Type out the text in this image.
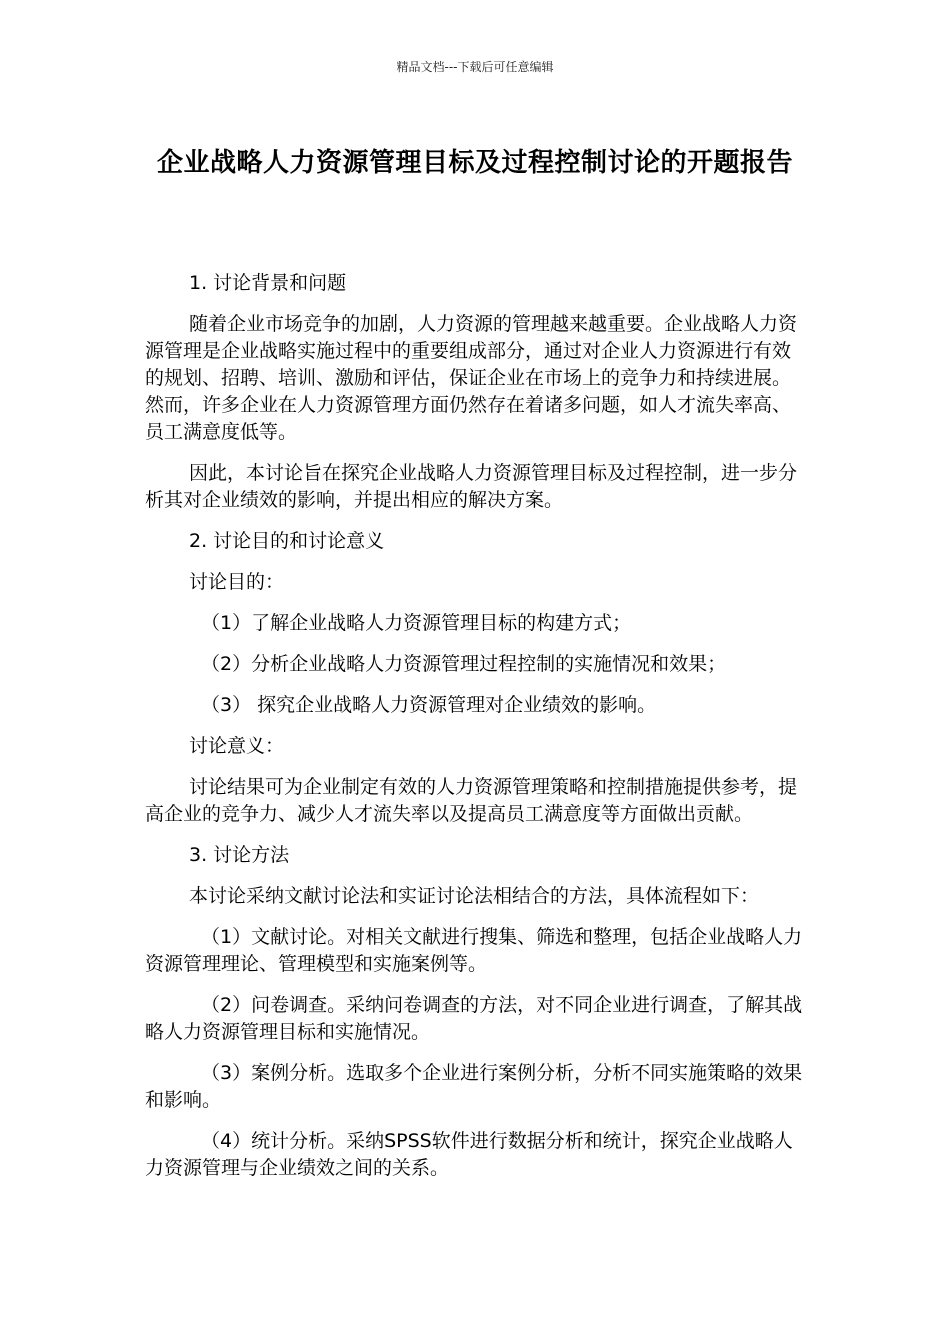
精品文档---下载后可任意编辑
企业战略人力资源管理目标及过程控制讨论的开题报告

1. 讨论背景和问题

随着企业市场竞争的加剧，人力资源的管理越来越重要。企业战略人力资源管理是企业战略实施过程中的重要组成部分，通过对企业人力资源进行有效的规划、招聘、培训、激励和评估，保证企业在市场上的竞争力和持续进展。然而，许多企业在人力资源管理方面仍然存在着诸多问题，如人才流失率高、员工满意度低等。

因此，本讨论旨在探究企业战略人力资源管理目标及过程控制，进一步分析其对企业绩效的影响，并提出相应的解决方案。

2. 讨论目的和讨论意义

讨论目的：

（1）了解企业战略人力资源管理目标的构建方式；

（2）分析企业战略人力资源管理过程控制的实施情况和效果；

（3） 探究企业战略人力资源管理对企业绩效的影响。

讨论意义：

讨论结果可为企业制定有效的人力资源管理策略和控制措施提供参考，提高企业的竞争力、减少人才流失率以及提高员工满意度等方面做出贡献。

3. 讨论方法

本讨论采纳文献讨论法和实证讨论法相结合的方法，具体流程如下：

（1）文献讨论。对相关文献进行搜集、筛选和整理，包括企业战略人力资源管理理论、管理模型和实施案例等。

（2）问卷调查。采纳问卷调查的方法，对不同企业进行调查，了解其战略人力资源管理目标和实施情况。

（3）案例分析。选取多个企业进行案例分析，分析不同实施策略的效果和影响。

（4）统计分析。采纳SPSS软件进行数据分析和统计，探究企业战略人力资源管理与企业绩效之间的关系。
